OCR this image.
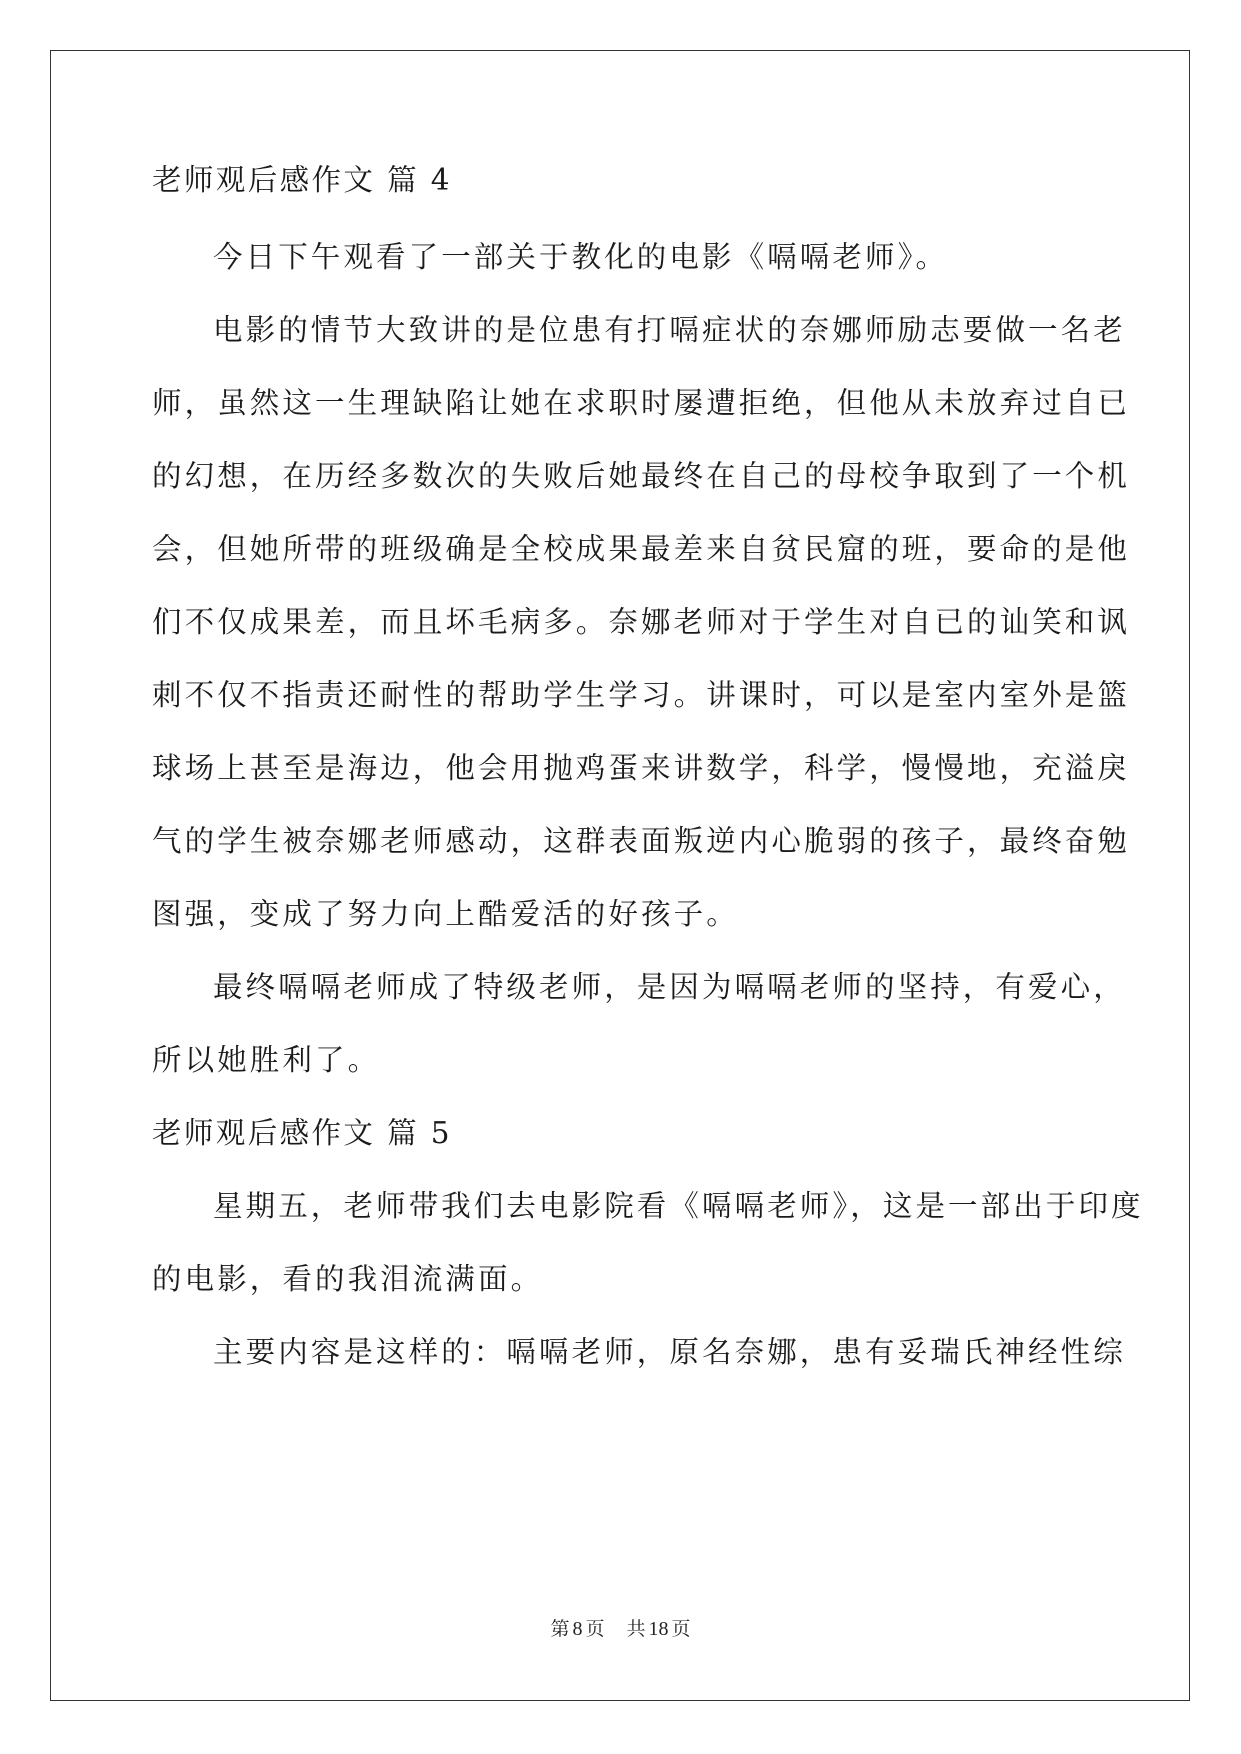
老师观后感作文 篇 4
今日下午观看了一部关于教化的电影《嗝嗝老师》。
电影的情节大致讲的是位患有打嗝症状的奈娜师励志要做一名老
师，虽然这一生理缺陷让她在求职时屡遭拒绝，但他从未放弃过自已
的幻想，在历经多数次的失败后她最终在自己的母校争取到了一个机
会，但她所带的班级确是全校成果最差来自贫民窟的班，要命的是他
们不仅成果差，而且坏毛病多。奈娜老师对于学生对自已的讪笑和讽
刺不仅不指责还耐性的帮助学生学习。讲课时，可以是室内室外是篮
球场上甚至是海边，他会用抛鸡蛋来讲数学，科学，慢慢地，充溢戾
气的学生被奈娜老师感动，这群表面叛逆内心脆弱的孩子，最终奋勉
图强，变成了努力向上酷爱活的好孩子。
最终嗝嗝老师成了特级老师，是因为嗝嗝老师的坚持，有爱心，
所以她胜利了。
老师观后感作文 篇 5
星期五，老师带我们去电影院看《嗝嗝老师》，这是一部出于印度
的电影，看的我泪流满面。
主要内容是这样的：嗝嗝老师，原名奈娜，患有妥瑞氏神经性综
第 8 页 共 18 页
